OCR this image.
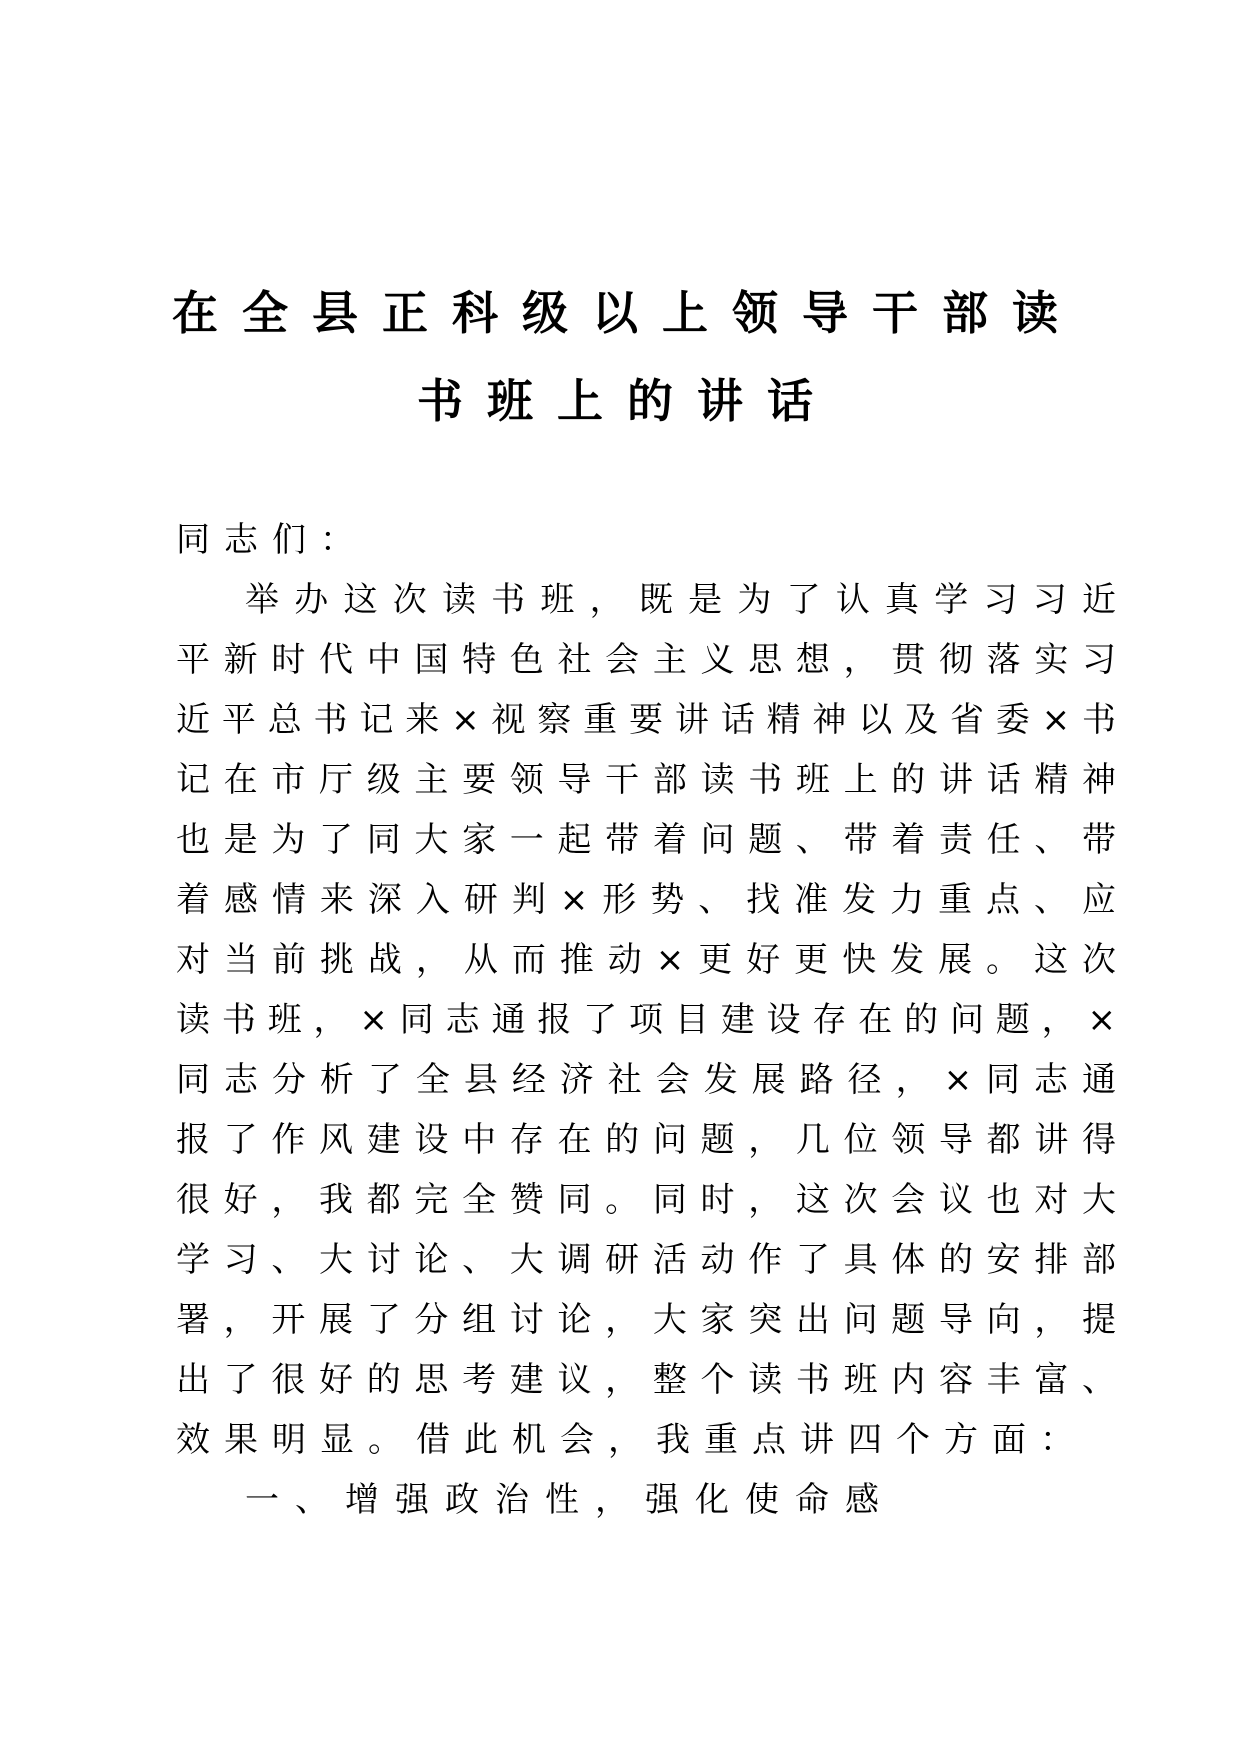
在全县正科级以上领导干部读
书班上的讲话
同志们：
举办这次读书班，既是为了认真学习习近
平新时代中国特色社会主义思想，贯彻落实习
近平总书记来×视察重要讲话精神以及省委×书
记在市厅级主要领导干部读书班上的讲话精神
也是为了同大家一起带着问题、带着责任、带
着感情来深入研判×形势、找准发力重点、应
对当前挑战，从而推动×更好更快发展。这次
读书班，×同志通报了项目建设存在的问题，×
同志分析了全县经济社会发展路径，×同志通
报了作风建设中存在的问题，几位领导都讲得
很好，我都完全赞同。同时，这次会议也对大
学习、大讨论、大调研活动作了具体的安排部
署，开展了分组讨论，大家突出问题导向，提
出了很好的思考建议，整个读书班内容丰富、
效果明显。借此机会，我重点讲四个方面：
一、增强政治性，强化使命感
